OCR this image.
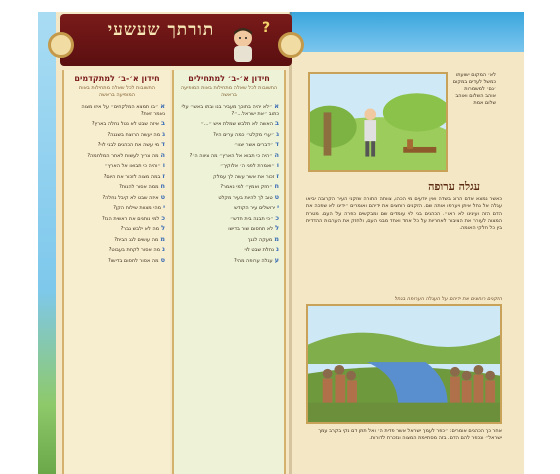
תורתך שעשעי	?
חידון א׳-ב׳ למתקדמים
התשובות לכל שאלה מתחילות באות המופיעה בראשה
א״בו תמצא המלקחים״ על איזו מצוה נאמר זאת?
באיזה שבט לא נטל נחלה בארץ?
גמה יעשה הרוצח בשגגה?
דמי עשה את הכהנים לבני לוי?
המה צריך לעשות לאחר המלחמה?
ו״והיה כי תבואו אל הארץ״
זבמה מצוה לזכור את היום?
חממה אסור להנות?
טאיזה שבט לא קיבל נחלה?
ימהי מצוות שילוח הקן?
כלמי נותנים את ראשית הגז?
למה לא ילבש גבר?
ממה עושים לגג הבית?
נמה אסור לקחת בעבוט?
סמה אסור לחסום בדישו?
חידון א׳-ב׳ למתחילים
התשובות לכל שאלה מתחילות באות המופיעה בראשה
א״לא יהיה בתוכך מעביר בנו ובתו באש״ עלי כתוב ״את ישראל...״?
בהאשה לא תלבש שמלת איש ״...״
ג״ערי מקלט״ כמה ערים היו?
ד״דברים אשר יצוו״
ה״היה כי תבוא אל הארץ״ מה ציווה ה׳?
ו״ואמרת לפני ה׳ אלוקיך״
זזכור את אשר עשה לך עמלק
ח״חזק ואמץ״ למי נאמר?
טטוב לך להיות בעיר מקלט
יירושלים עיר הקודש
כ״כי תבנה בית חדש״
ללא תחסום שור בדישו
ממעקה לגגך
ננחלת שבט לוי
עעגלה ערופה מהי?
לא׳ המקום ישועתו כמשל לעדים במקום ׳גם׳ למשמרות אוהב השלום ואוהב שלום אמת
עגלה ערופה
כאשר נמצא אדם הרוג בשדה ואין יודעים מי הכהו, צוותה התורה שזקני העיר הקרובה יביאו עגלה אל נחל איתן ויערפו אותה שם. הזקנים רוחצים את ידיהם ואומרים ״ידינו לא שפכה את הדם הזה ועינינו לא ראו״. הכהנים בני לוי עומדים שם ומבקשים כפרה על העם. מטרת המצוה לעורר את הציבור לאחריות על כל אחד ואחד מבני העם, ולחזק את הערבות ההדדית בין כל חלקי האומה.
הזקנים רוחצים את ידיהם על העגלה הערופה בנחל
אחר כך הכהנים אומרים: ״כפר לעמך ישראל אשר פדית ה׳ ואל תתן דם נקי בקרב עמך ישראל״ ונכפר להם הדם. בזה מסתיימת המצוה ונזכרת לדורות.
